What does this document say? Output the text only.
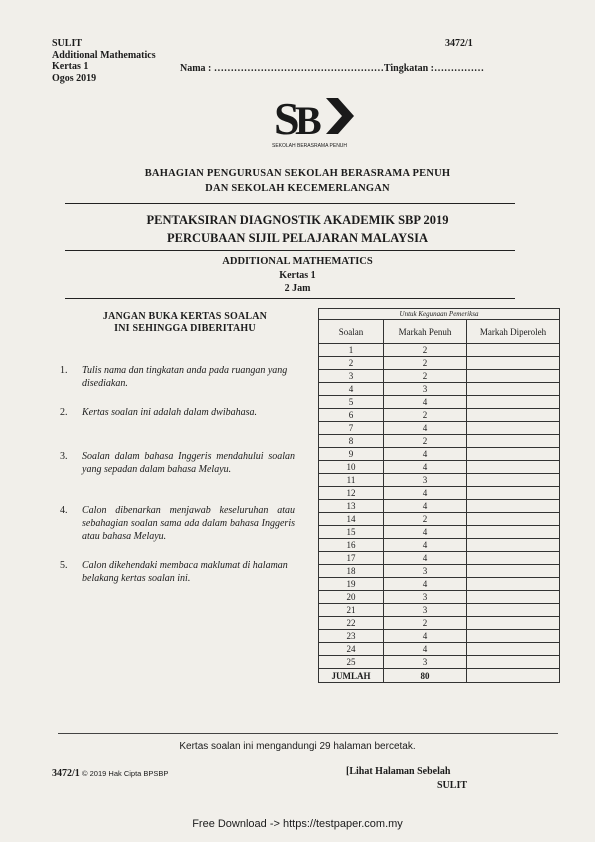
SULIT
Additional Mathematics
Kertas 1
Ogos 2019
3472/1
Nama : ……………………………………………Tingkatan :……………
S
B
SEKOLAH BERASRAMA PENUH
BAHAGIAN PENGURUSAN SEKOLAH BERASRAMA PENUH
DAN SEKOLAH KECEMERLANGAN
PENTAKSIRAN DIAGNOSTIK AKADEMIK SBP 2019
PERCUBAAN SIJIL PELAJARAN MALAYSIA
ADDITIONAL MATHEMATICS
Kertas 1
2 Jam
JANGAN BUKA KERTAS SOALAN
INI SEHINGGA DIBERITAHU
1. Tulis nama dan tingkatan anda pada ruangan yang disediakan.
2. Kertas soalan ini adalah dalam dwibahasa.
3. Soalan dalam bahasa Inggeris mendahului soalan yang sepadan dalam bahasa Melayu.
4. Calon dibenarkan menjawab keseluruhan atau sebahagian soalan sama ada dalam bahasa Inggeris atau bahasa Melayu.
5. Calon dikehendaki membaca maklumat di halaman belakang kertas soalan ini.
Untuk Kegunaan Pemeriksa		
Soalan	Markah Penuh	Markah Diperoleh
1	2	
2	2	
3	2	
4	3	
5	4	
6	2	
7	4	
8	2	
9	4	
10	4	
11	3	
12	4	
13	4	
14	2	
15	4	
16	4	
17	4	
18	3	
19	4	
20	3	
21	3	
22	2	
23	4	
24	4	
25	3	
JUMLAH	80	
Kertas soalan ini mengandungi 29 halaman bercetak.
3472/1 © 2019 Hak Cipta BPSBP	[Lihat Halaman Sebelah
SULIT
Free Download -> https://testpaper.com.my
